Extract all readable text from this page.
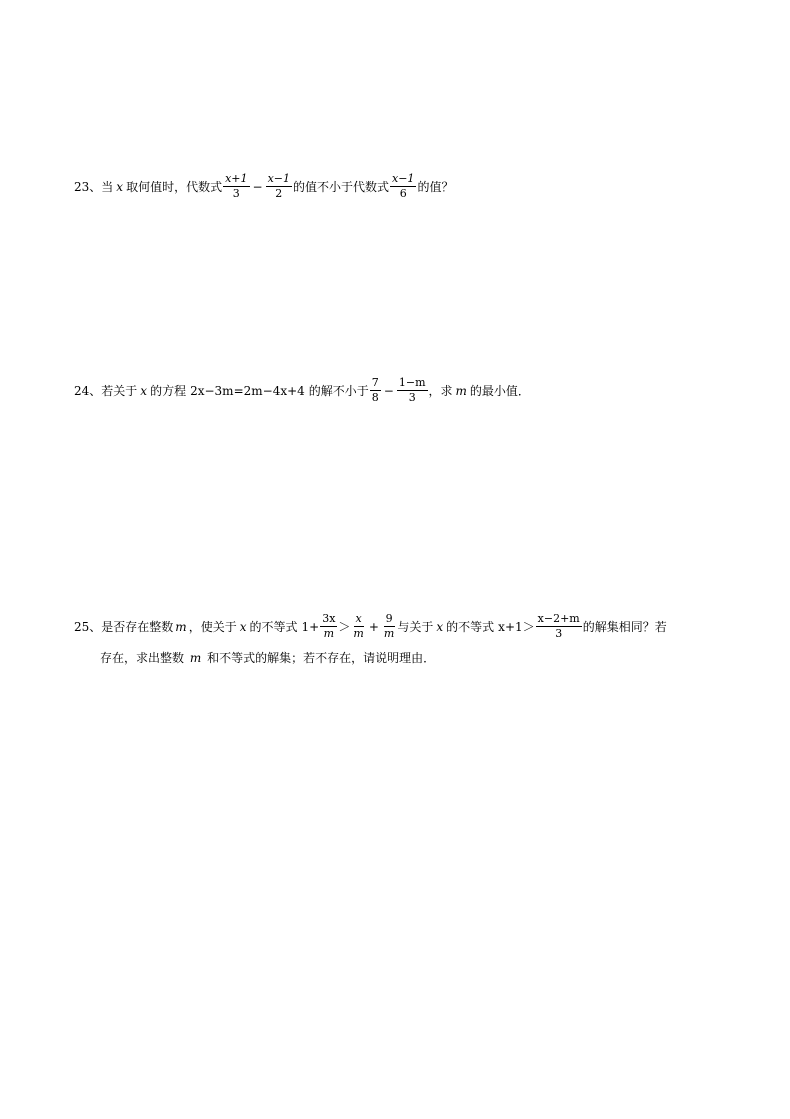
23、 当 x 取何值时，代数式 $\frac{x+1}{3} - \frac{x-1}{2}$ 的值不小于代数式 $\frac{x-1}{6}$ 的值？
24、 若关于 x 的方程 2x−3m=2m−4x+4 的解不小于 $\frac{7}{8} - \frac{1-m}{3}$ ，求 m 的最小值．
25、 是否存在整数 m ，使关于 x 的不等式 $1+ \frac{3x}{m} > \frac{x}{m} + \frac{9}{m}$ 与关于 x 的不等式 $x+1 > \frac{x-2+m}{3}$ 的解集相同？若
存在，求出整数 m 和不等式的解集；若不存在，请说明理由．
